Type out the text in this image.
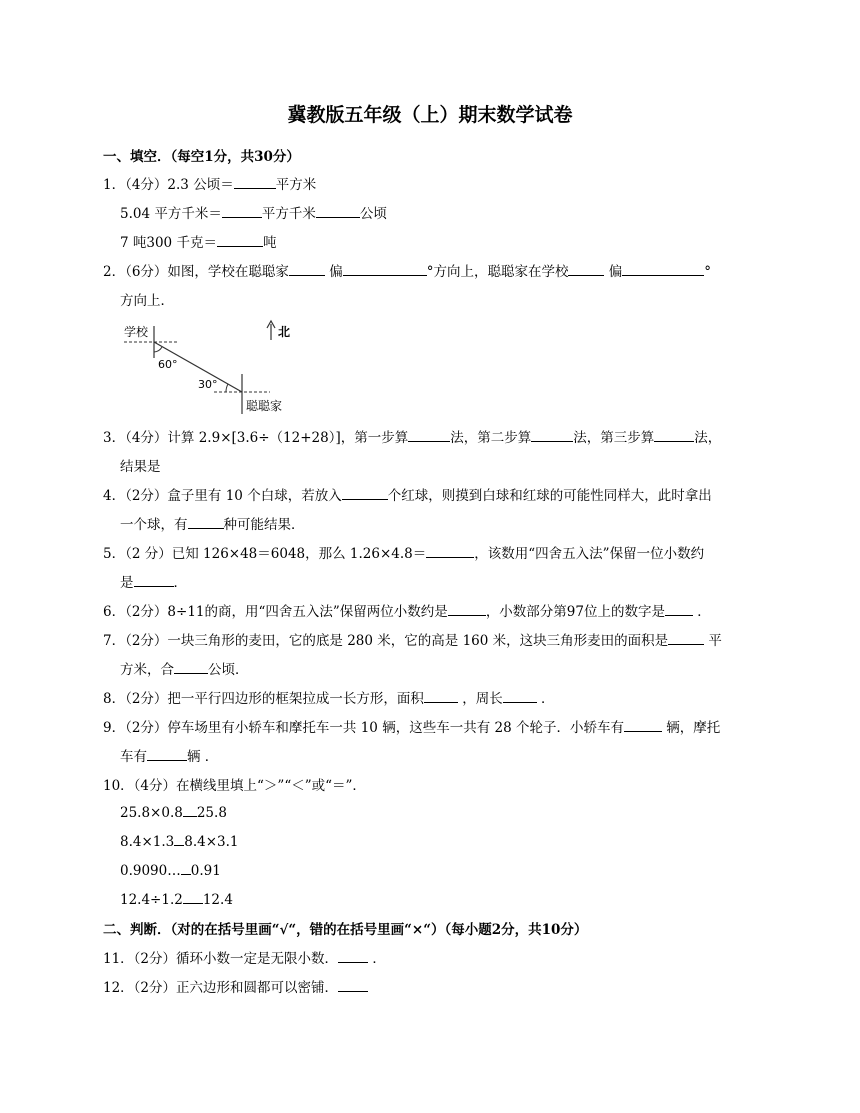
冀教版五年级（上）期末数学试卷
一、填空．（每空1分，共30分）
1．（4分）2.3 公顷＝	平方米
5.04 平方千米＝	平方千米	公顷
7 吨300 千克＝	吨
2．（6分）如图，学校在聪聪家	偏	°方向上，聪聪家在学校	偏	°
方向上．
学校
60°
30°
聪聪家
北
3．（4分）计算 2.9×[3.6÷（12+28）]，第一步算	法，第二步算	法，第三步算	法，
结果是
4．（2分）盒子里有 10 个白球，若放入	个红球，则摸到白球和红球的可能性同样大，此时拿出
一个球，有	种可能结果．
5．（2 分）已知 126×48＝6048，那么 1.26×4.8＝	，该数用“四舍五入法”保留一位小数约
是	．
6．（2分）8÷11的商，用“四舍五入法”保留两位小数约是	，小数部分第97位上的数字是 ．
7．（2分）一块三角形的麦田，它的底是 280 米，它的高是 160 米，这块三角形麦田的面积是	平
方米，合	公顷．
8．（2分）把一平行四边形的框架拉成一长方形，面积	，周长	．
9．（2分）停车场里有小轿车和摩托车一共 10 辆，这些车一共有 28 个轮子．小轿车有	辆，摩托
车有	辆 ．
10．（4分）在横线里填上“＞”“＜”或“＝”．
25.8×0.8 25.8
8.4×1.3 8.4×3.1
0.9090… 0.91
12.4÷1.2 12.4
二、判断．（对的在括号里画“√“，错的在括号里画“×“）（每小题2分，共10分）
11．（2分）循环小数一定是无限小数． ．
12．（2分）正六边形和圆都可以密铺．
